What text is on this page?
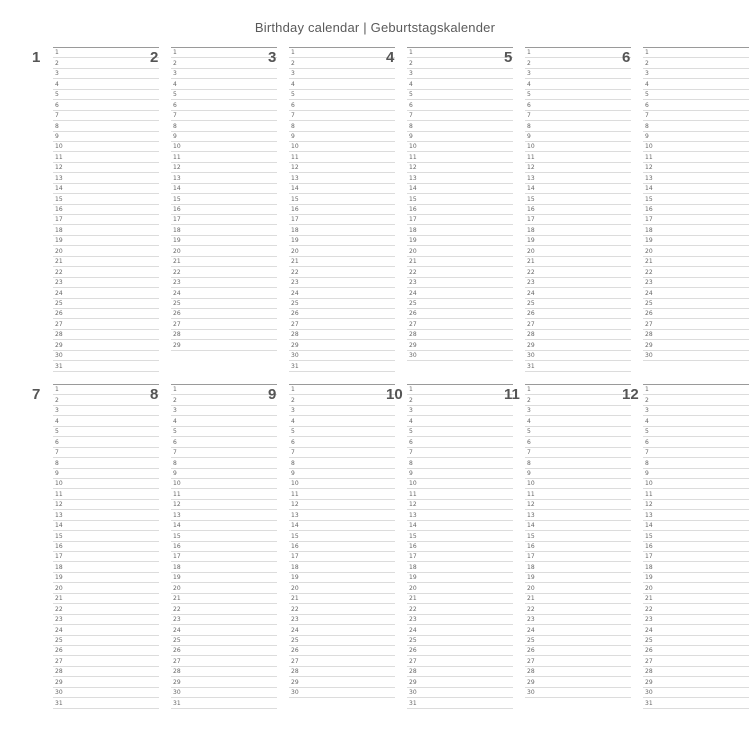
Birthday calendar | Geburtstagskalender
1 1
2
3
4
5
6
7
8
9
10
11
12
13
14
15
16
17
18
19
20
21
22
23
24
25
26
27
28
29
30
31
2 1
2
3
4
5
6
7
8
9
10
11
12
13
14
15
16
17
18
19
20
21
22
23
24
25
26
27
28
29
3 1
2
3
4
5
6
7
8
9
10
11
12
13
14
15
16
17
18
19
20
21
22
23
24
25
26
27
28
29
30
31
4 1
2
3
4
5
6
7
8
9
10
11
12
13
14
15
16
17
18
19
20
21
22
23
24
25
26
27
28
29
30
5 1
2
3
4
5
6
7
8
9
10
11
12
13
14
15
16
17
18
19
20
21
22
23
24
25
26
27
28
29
30
31
6 1
2
3
4
5
6
7
8
9
10
11
12
13
14
15
16
17
18
19
20
21
22
23
24
25
26
27
28
29
30
7 1
2
3
4
5
6
7
8
9
10
11
12
13
14
15
16
17
18
19
20
21
22
23
24
25
26
27
28
29
30
31
8 1
2
3
4
5
6
7
8
9
10
11
12
13
14
15
16
17
18
19
20
21
22
23
24
25
26
27
28
29
30
31
9 1
2
3
4
5
6
7
8
9
10
11
12
13
14
15
16
17
18
19
20
21
22
23
24
25
26
27
28
29
30
10 1
2
3
4
5
6
7
8
9
10
11
12
13
14
15
16
17
18
19
20
21
22
23
24
25
26
27
28
29
30
31
11 1
2
3
4
5
6
7
8
9
10
11
12
13
14
15
16
17
18
19
20
21
22
23
24
25
26
27
28
29
30
12 1
2
3
4
5
6
7
8
9
10
11
12
13
14
15
16
17
18
19
20
21
22
23
24
25
26
27
28
29
30
31
